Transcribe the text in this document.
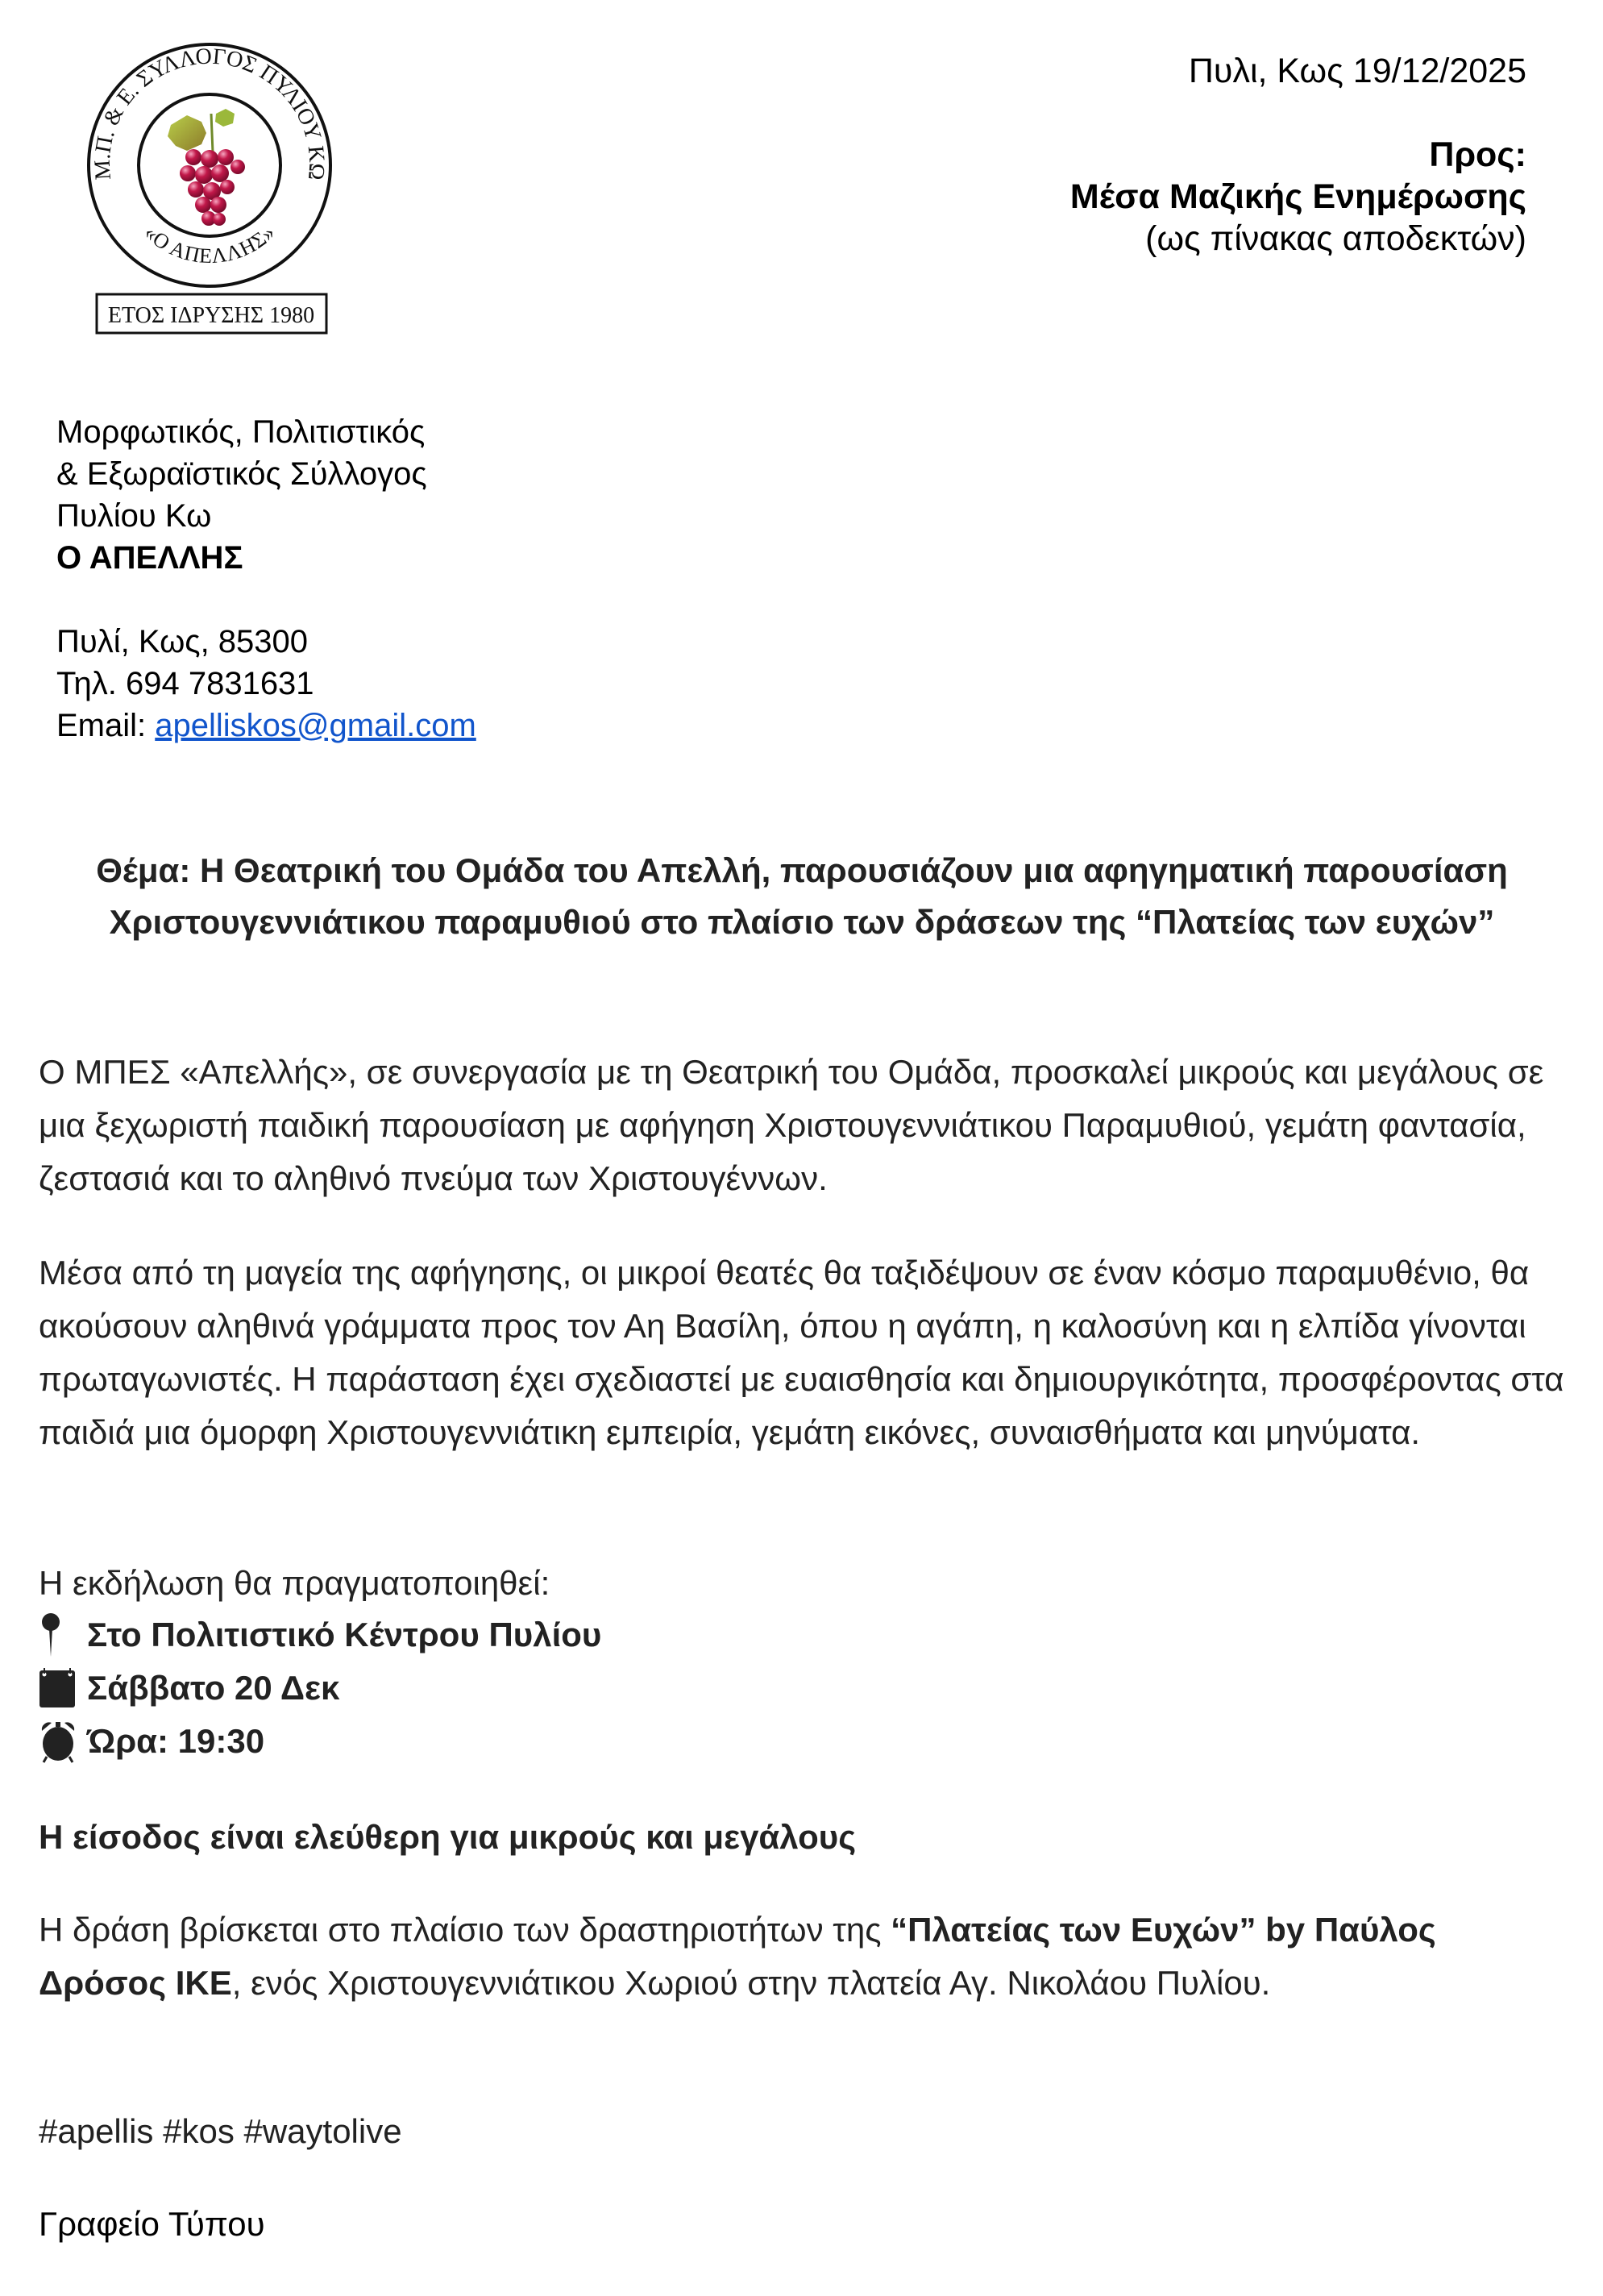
Μ.Π. & Ε. ΣΥΛΛΟΓΟΣ ΠΥΛΙΟΥ ΚΩ
«Ο ΑΠΕΛΛΗΣ»
ΕΤΟΣ ΙΔΡΥΣΗΣ 1980
Πυλι, Κως 19/12/2025
Προς:
Μέσα Μαζικής Ενημέρωσης
(ως πίνακας αποδεκτών)
Μορφωτικός, Πολιτιστικός
& Εξωραϊστικός Σύλλογος
Πυλίου Κω
Ο ΑΠΕΛΛΗΣ
Πυλί, Κως, 85300
Τηλ. 694 7831631
Email: apelliskos@gmail.com
Θέμα: Η Θεατρική του Ομάδα του Απελλή, παρουσιάζουν μια αφηγηματική παρουσίαση Χριστουγεννιάτικου παραμυθιού στο πλαίσιο των δράσεων της “Πλατείας των ευχών”
Ο ΜΠΕΣ «Απελλής», σε συνεργασία με τη Θεατρική του Ομάδα, προσκαλεί μικρούς και μεγάλους σε μια ξεχωριστή παιδική παρουσίαση με αφήγηση Χριστουγεννιάτικου Παραμυθιού, γεμάτη φαντασία, ζεστασιά και το αληθινό πνεύμα των Χριστουγέννων.
Μέσα από τη μαγεία της αφήγησης, οι μικροί θεατές θα ταξιδέψουν σε έναν κόσμο παραμυθένιο, θα ακούσουν αληθινά γράμματα προς τον Αη Βασίλη, όπου η αγάπη, η καλοσύνη και η ελπίδα γίνονται πρωταγωνιστές. Η παράσταση έχει σχεδιαστεί με ευαισθησία και δημιουργικότητα, προσφέροντας στα παιδιά μια όμορφη Χριστουγεννιάτικη εμπειρία, γεμάτη εικόνες, συναισθήματα και μηνύματα.
Η εκδήλωση θα πραγματοποιηθεί:
Στο Πολιτιστικό Κέντρου Πυλίου
Σάββατο 20 Δεκ
Ώρα: 19:30
Η είσοδος είναι ελεύθερη για μικρούς και μεγάλους
Η δράση βρίσκεται στο πλαίσιο των δραστηριοτήτων της “Πλατείας των Ευχών” by Παύλος Δρόσος ΙΚΕ, ενός Χριστουγεννιάτικου Χωριού στην πλατεία Αγ. Νικολάου Πυλίου.
#apellis #kos #waytolive
Γραφείο Τύπου
